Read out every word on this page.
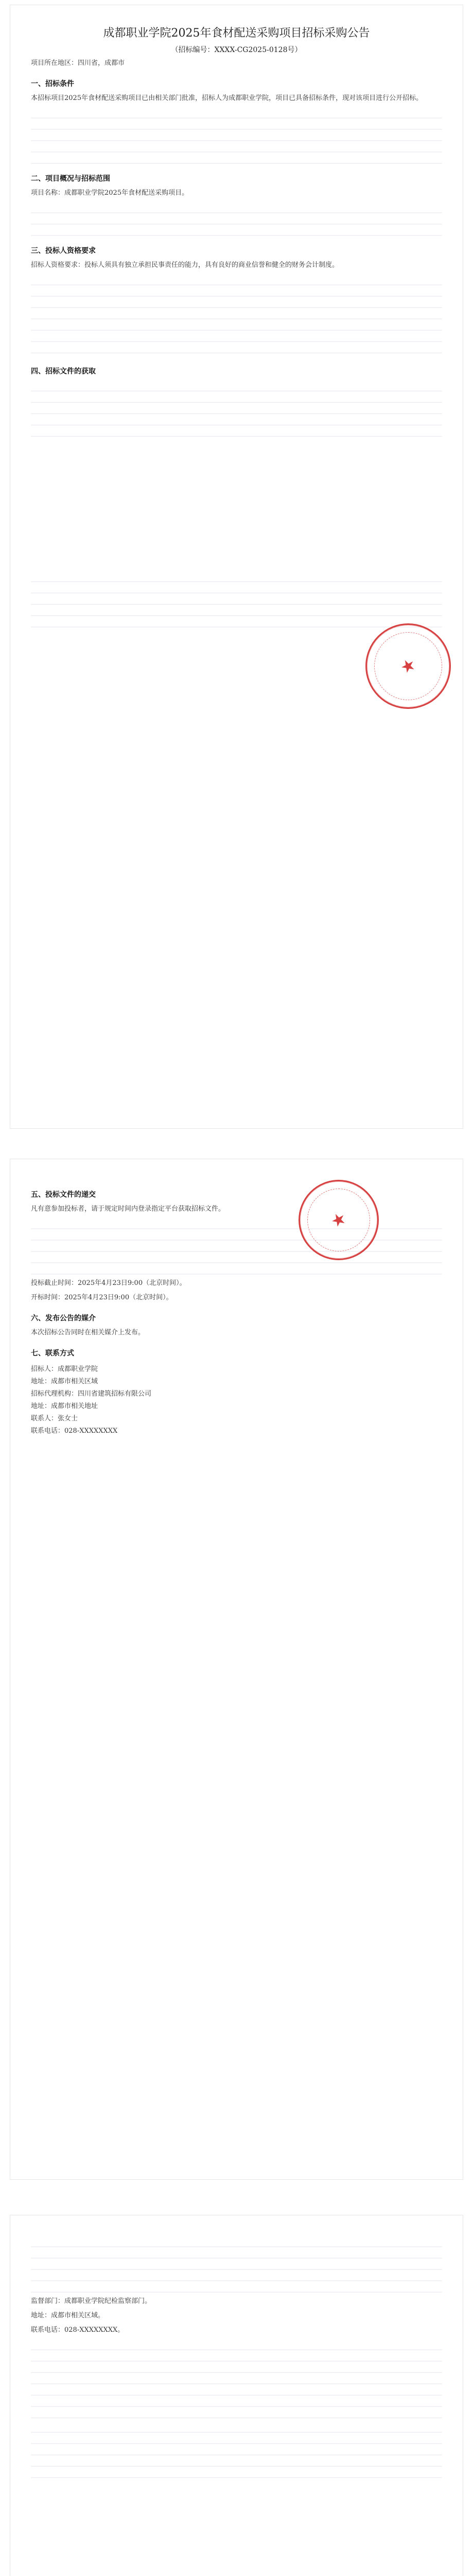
成都职业学院2025年食材配送采购项目招标采购公告
（招标编号：XXXX-CG2025-0128号）
项目所在地区：四川省，成都市
一、招标条件
本招标项目2025年食材配送采购项目已由相关部门批准，招标人为成都职业学院，项目已具备招标条件，现对该项目进行公开招标。
二、项目概况与招标范围
项目名称：成都职业学院2025年食材配送采购项目。
三、投标人资格要求
招标人资格要求：投标人须具有独立承担民事责任的能力，具有良好的商业信誉和健全的财务会计制度。
四、招标文件的获取
五、投标文件的递交
凡有意参加投标者，请于规定时间内登录指定平台获取招标文件。
投标截止时间：2025年4月23日9:00（北京时间）。
开标时间：2025年4月23日9:00（北京时间）。
六、发布公告的媒介
本次招标公告同时在相关媒介上发布。
七、联系方式
招标人：成都职业学院
地址：成都市相关区域
招标代理机构：四川省建筑招标有限公司
地址：成都市相关地址
联系人：张女士
联系电话：028-XXXXXXXX
监督部门：成都职业学院纪检监察部门。
地址：成都市相关区域。
联系电话：028-XXXXXXXX。
